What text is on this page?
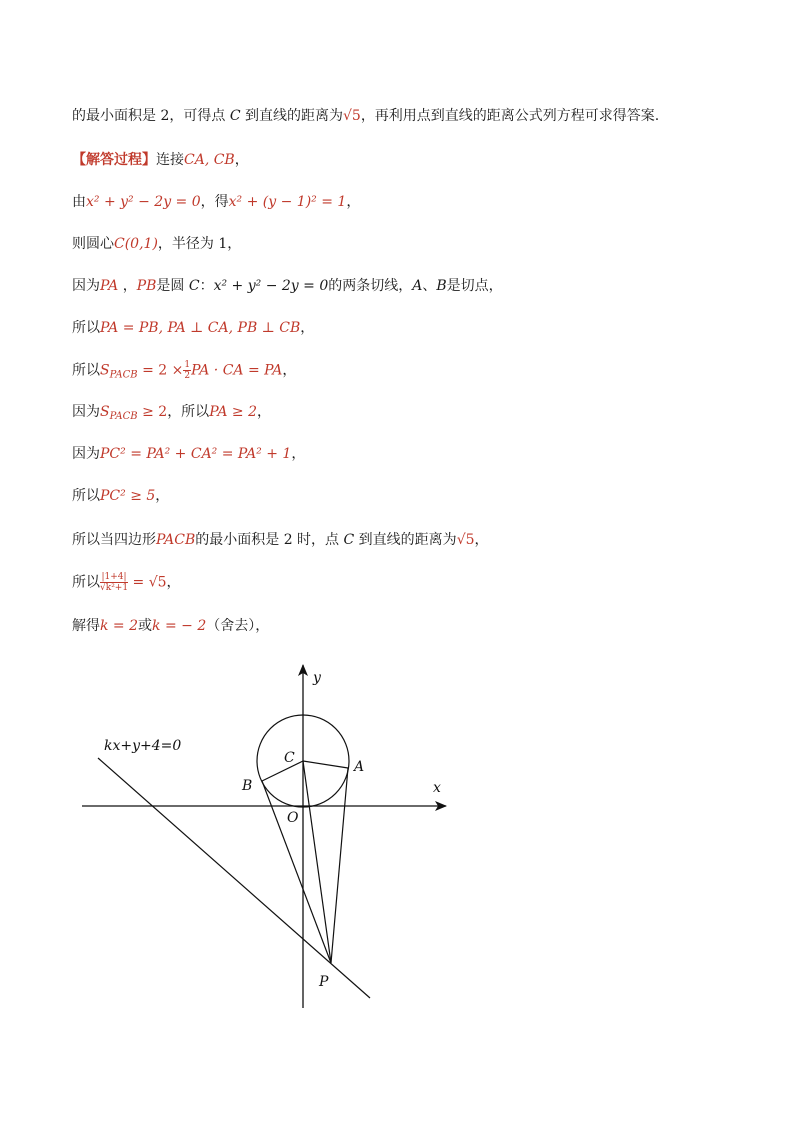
的最小面积是 2，可得点 C 到直线的距离为√5，再利用点到直线的距离公式列方程可求得答案.
【解答过程】连接CA, CB，
由x² + y² − 2y = 0，得x² + (y − 1)² = 1，
则圆心C(0,1)，半径为 1，
因为PA ，PB是圆 C：x² + y² − 2y = 0的两条切线，A、B是切点，
所以PA = PB, PA ⊥ CA, PB ⊥ CB，
所以$S_{PACB} = 2 \times \frac{1}{2}$ PA · CA = PA，
因为$S_{PACB} \ge 2$，所以PA ≥ 2，
因为PC² = PA² + CA² = PA² + 1，
所以PC² ≥ 5，
所以当四边形PACB的最小面积是 2 时，点 C 到直线的距离为√5，
所以 $\frac{|1+4|}{\text{√k²+1}} = √5$，
解得k = 2或k = − 2（舍去），
kx+y+4=0
y
x
C
A
B
O
P
